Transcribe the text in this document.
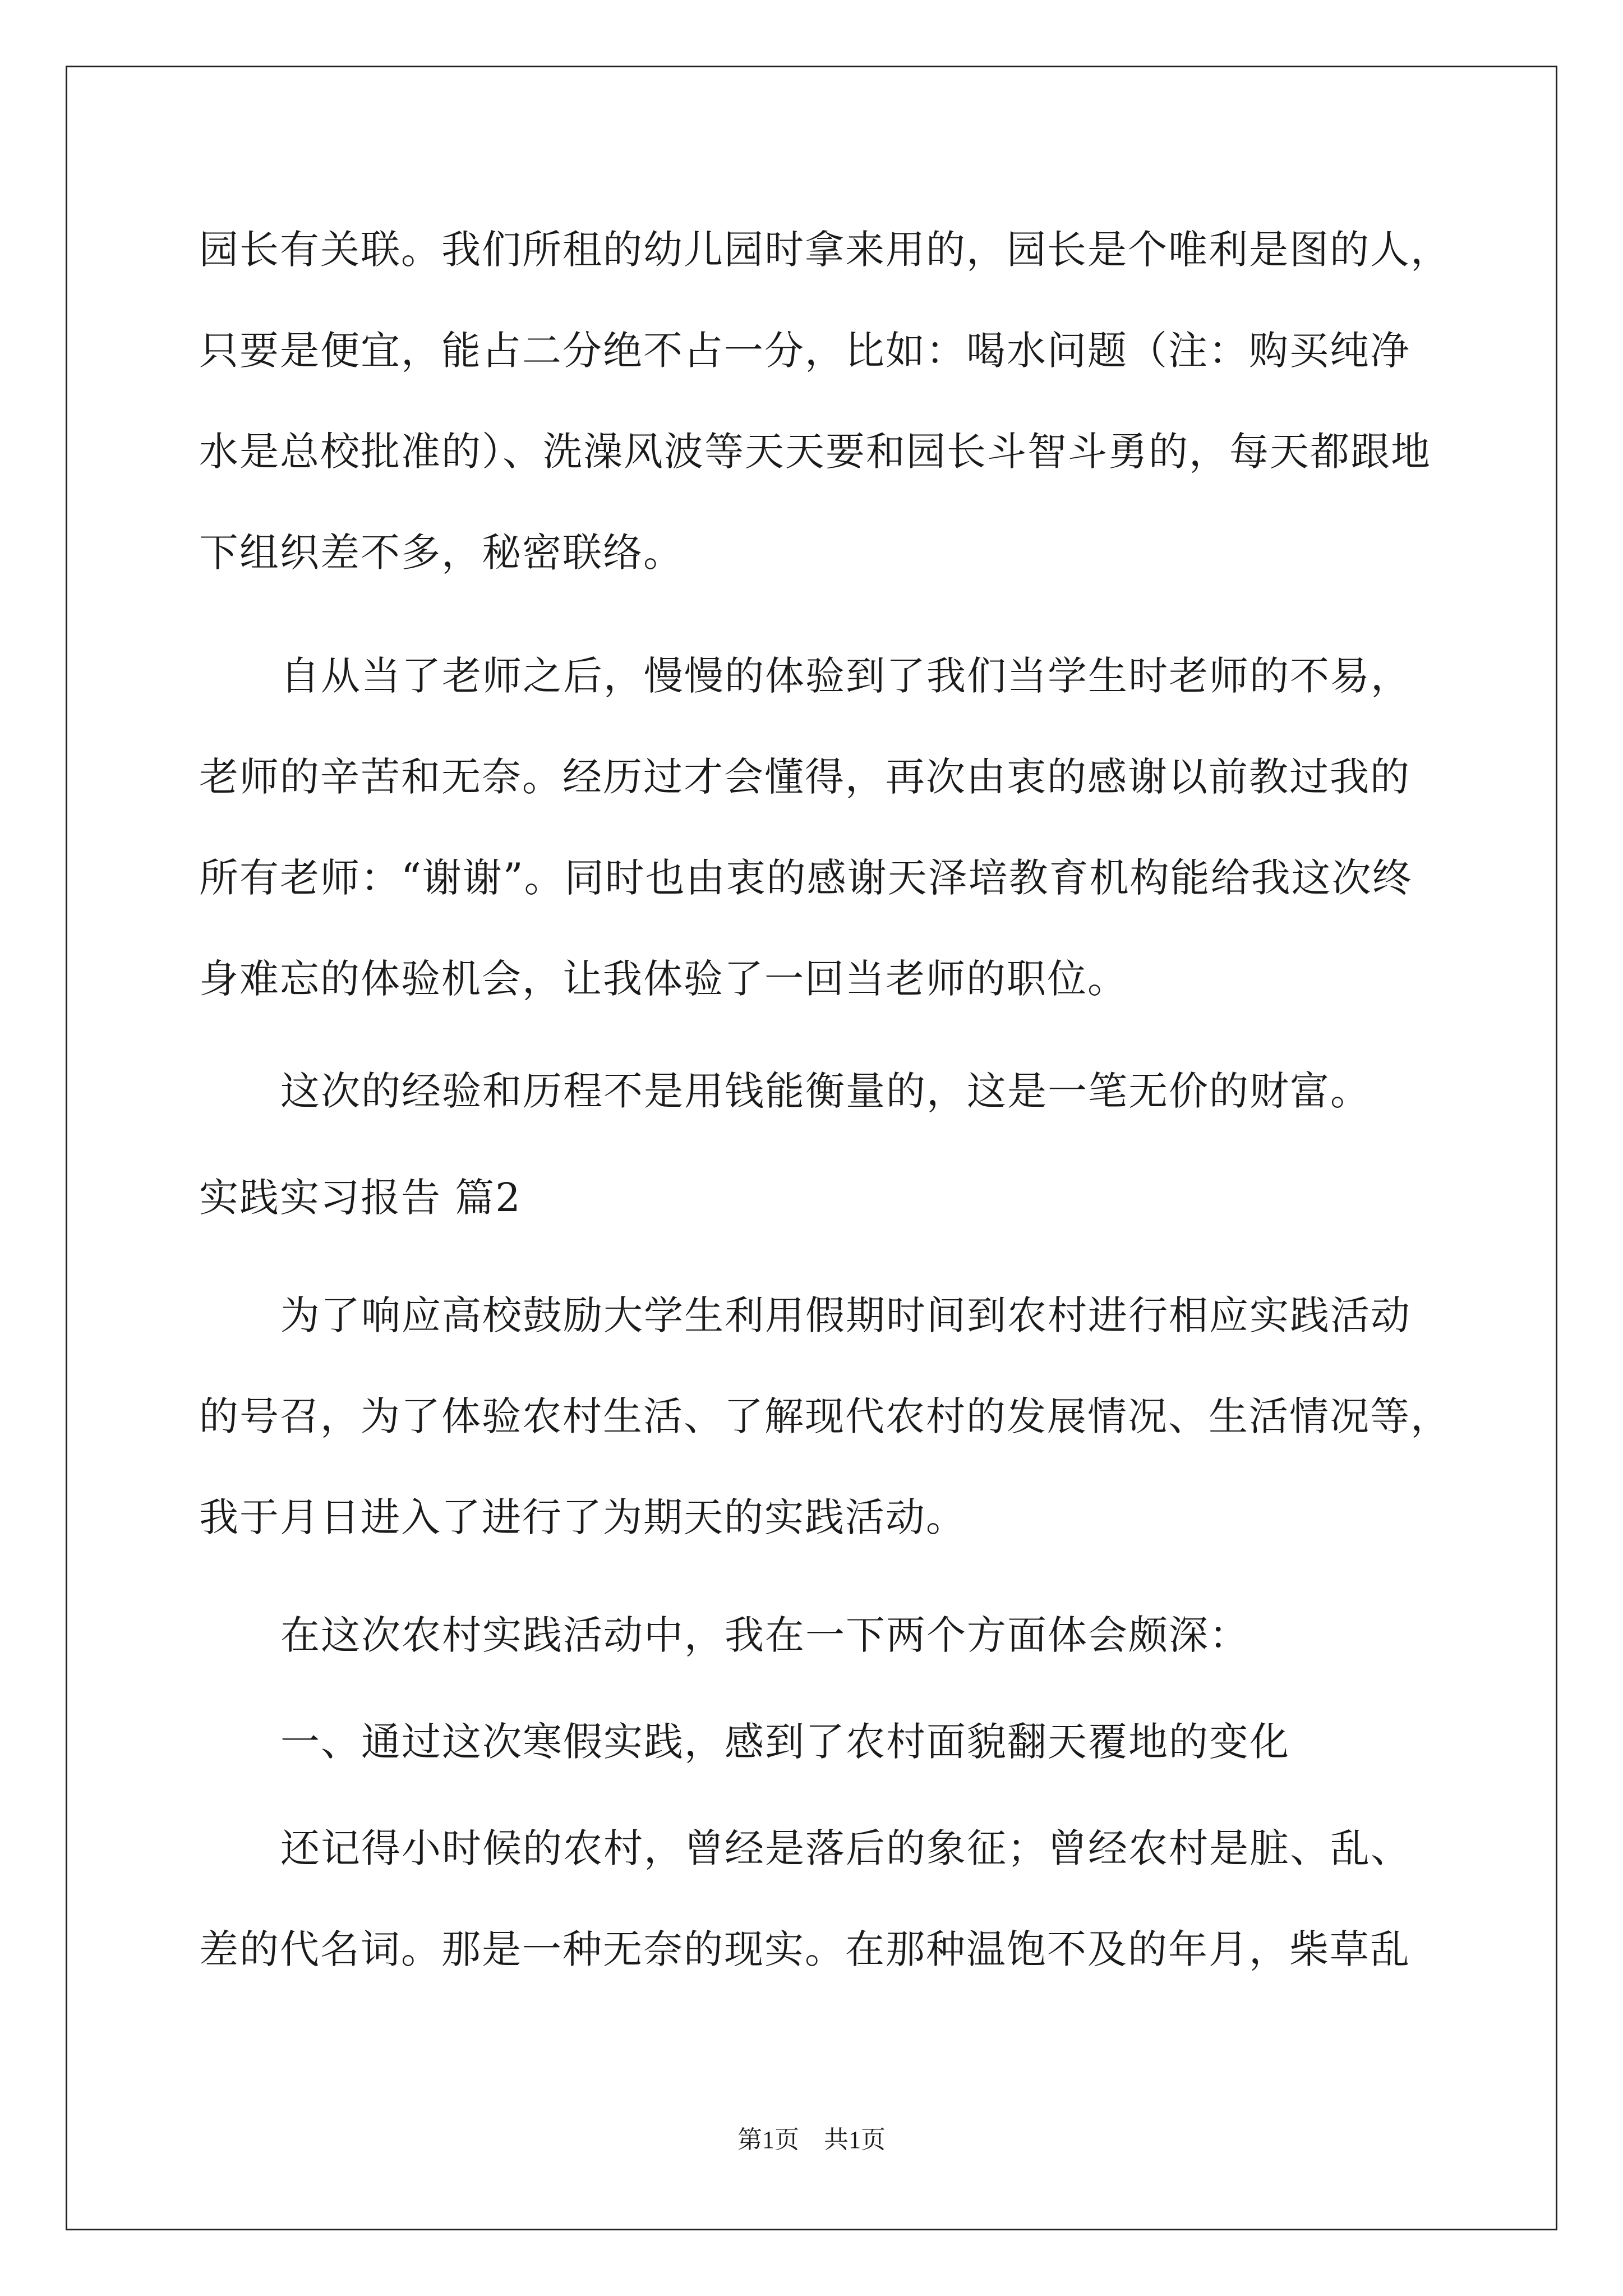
园长有关联。我们所租的幼儿园时拿来用的，园长是个唯利是图的人，
只要是便宜，能占二分绝不占一分，比如：喝水问题（注：购买纯净
水是总校批准的）、洗澡风波等天天要和园长斗智斗勇的，每天都跟地
下组织差不多，秘密联络。
自从当了老师之后，慢慢的体验到了我们当学生时老师的不易，
老师的辛苦和无奈。经历过才会懂得，再次由衷的感谢以前教过我的
所有老师：“谢谢”。同时也由衷的感谢天泽培教育机构能给我这次终
身难忘的体验机会，让我体验了一回当老师的职位。
这次的经验和历程不是用钱能衡量的，这是一笔无价的财富。
实践实习报告 篇2
为了响应高校鼓励大学生利用假期时间到农村进行相应实践活动
的号召，为了体验农村生活、了解现代农村的发展情况、生活情况等，
我于月日进入了进行了为期天的实践活动。
在这次农村实践活动中，我在一下两个方面体会颇深：
一、通过这次寒假实践，感到了农村面貌翻天覆地的变化
还记得小时候的农村，曾经是落后的象征；曾经农村是脏、乱、
差的代名词。那是一种无奈的现实。在那种温饱不及的年月，柴草乱
第1页　共1页
